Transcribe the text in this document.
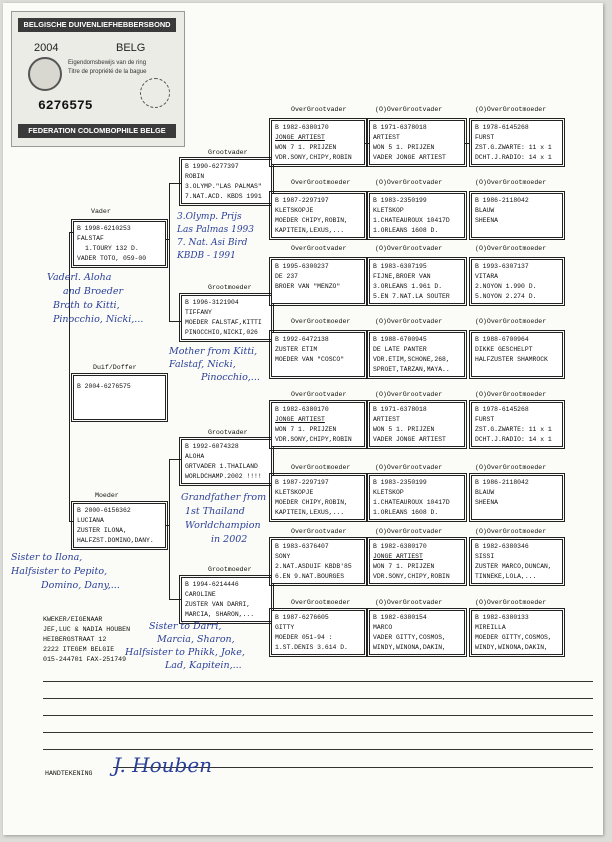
BELGISCHE DUIVENLIEFHEBBERSBOND
2004	BELG
Eigendomsbewijs van de ring
Titre de propriété de la bague
6276575
FEDERATION COLOMBOPHILE BELGE
OverGrootvader	(O)OverGrootvader	(O)OverGrootmoeder
Grootvader
OverGrootmoeder	(O)OverGrootvader	(O)OverGrootmoeder
Vader
OverGrootvader	(O)OverGrootvader	(O)OverGrootmoeder
Grootmoeder
OverGrootmoeder	(O)OverGrootvader	(O)OverGrootmoeder
Duif/Doffer
OverGrootvader	(O)OverGrootvader	(O)OverGrootmoeder
Grootvader
OverGrootmoeder	(O)OverGrootvader	(O)OverGrootmoeder
Moeder
OverGrootvader	(O)OverGrootvader	(O)OverGrootmoeder
Grootmoeder
OverGrootmoeder	(O)OverGrootvader	(O)OverGrootmoeder
B 2004-6276575
B 1998-6210253
FALSTAF
1.TOURY 132 D.
VADER TOTO, 059-00
B 2000-6156362
LUCIANA
ZUSTER ILONA,
HALFZST.DOMINO,DANY.
B 1990-6277397
ROBIN
3.OLYMP."LAS PALMAS"
7.NAT.ACD. KBDS 1991
B 1996-3121904
TIFFANY
MOEDER FALSTAF,KITTI
PINOCCHIO,NICKI,026
B 1992-6074328
ALOHA
GRTVADER 1.THAILAND
WORLDCHAMP.2002 !!!!
B 1994-6214446
CAROLINE
ZUSTER VAN DARRI,
MARCIA, SHARON,...
B 1982-6380170
JONGE ARTIEST
WON 7 1. PRIJZEN
VDR.SONY,CHIPY,ROBIN
B 1971-6378018
ARTIEST
WON 5 1. PRIJZEN
VADER JONGE ARTIEST
B 1978-6145268
FURST
ZST.G.ZWARTE: 11 x 1
DCHT.J.RADIO: 14 x 1
B 1987-2297197
KLETSKOPJE
MOEDER CHIPY,ROBIN,
KAPITEIN,LEXUS,...
B 1983-2350199
KLETSKOP
1.CHATEAUROUX 10417D
1.ORLEANS 1608 D.
B 1986-2118042
BLAUW
SHEENA
B 1995-6300237
DE 237
BROER VAN "MENZO"
B 1983-6307195
FIJNE,BROER VAN
3.ORLEANS 1.961 D.
5.EN 7.NAT.LA SOUTER
B 1993-6307137
VITARA
2.NOYON 1.990 D.
5.NOYON 2.274 D.
B 1992-6472138
ZUSTER ETIM
MOEDER VAN "COSCO"
B 1988-6700945
DE LATE PANTER
VDR.ETIM,SCHONE,268,
SPROET,TARZAN,MAYA..
B 1988-6700964
DIKKE GESCHELPT
HALFZUSTER SHAMROCK
B 1982-6380170
JONGE ARTIEST
WON 7 1. PRIJZEN
VDR.SONY,CHIPY,ROBIN
B 1971-6378018
ARTIEST
WON 5 1. PRIJZEN
VADER JONGE ARTIEST
B 1978-6145268
FURST
ZST.G.ZWARTE: 11 x 1
DCHT.J.RADIO: 14 x 1
B 1987-2297197
KLETSKOPJE
MOEDER CHIPY,ROBIN,
KAPITEIN,LEXUS,...
B 1983-2350199
KLETSKOP
1.CHATEAUROUX 10417D
1.ORLEANS 1608 D.
B 1986-2118042
BLAUW
SHEENA
B 1983-6376407
SONY
2.NAT.ASDUIF KBDB'85
6.EN 9.NAT.BOURGES
B 1982-6380170
JONGE ARTIEST
WON 7 1. PRIJZEN
VDR.SONY,CHIPY,ROBIN
B 1982-6380346
SISSI
ZUSTER MARCO,DUNCAN,
TINNEKE,LOLA,...
B 1987-6276605
GITTY
MOEDER 051-94 :
1.ST.DENIS 3.614 D.
B 1982-6380154
MARCO
VADER GITTY,COSMOS,
WINDY,WINONA,DAKIN,
B 1982-6380133
MIREILLA
MOEDER GITTY,COSMOS,
WINDY,WINONA,DAKIN,
KWEKER/EIGENAAR
JEF,LUC & NADIA HOUBEN
HEIBERGSTRAAT 12
2222 ITEGEM BELGIE
015-244701 FAX-251749
HANDTEKENING
3.Olymp. Prijs
Las Palmas 1993
7. Nat. Asi Bird
KBDB - 1991
Vaderl. Aloha
and Broeder
Broth to Kitti,
Pinocchio, Nicki,...
Mother from Kitti,
Falstaf, Nicki,
Pinocchio,...
Grandfather from
1st Thailand
Worldchampion
in 2002
Sister to Ilona,
Halfsister to Pepito,
Domino, Dany,...
Sister to Darri,
Marcia, Sharon,
Halfsister to Phikk, Joke,
Lad, Kapitein,...
J. Houben
